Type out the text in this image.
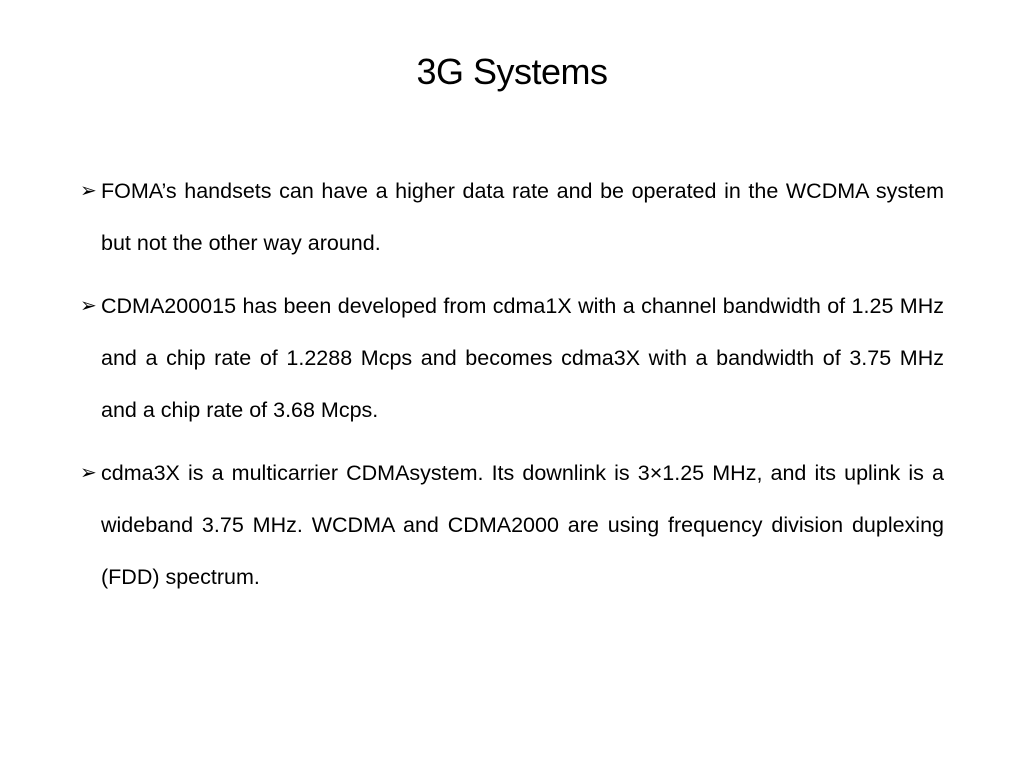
3G Systems
➢ FOMA’s handsets can have a higher data rate and be operated in the WCDMA system but not the other way around.
➢ CDMA200015 has been developed from cdma1X with a channel bandwidth of 1.25 MHz and a chip rate of 1.2288 Mcps and becomes cdma3X with a bandwidth of 3.75 MHz and a chip rate of 3.68 Mcps.
➢ cdma3X is a multicarrier CDMAsystem. Its downlink is 3×1.25 MHz, and its uplink is a wideband 3.75 MHz. WCDMA and CDMA2000 are using frequency division duplexing (FDD) spectrum.
